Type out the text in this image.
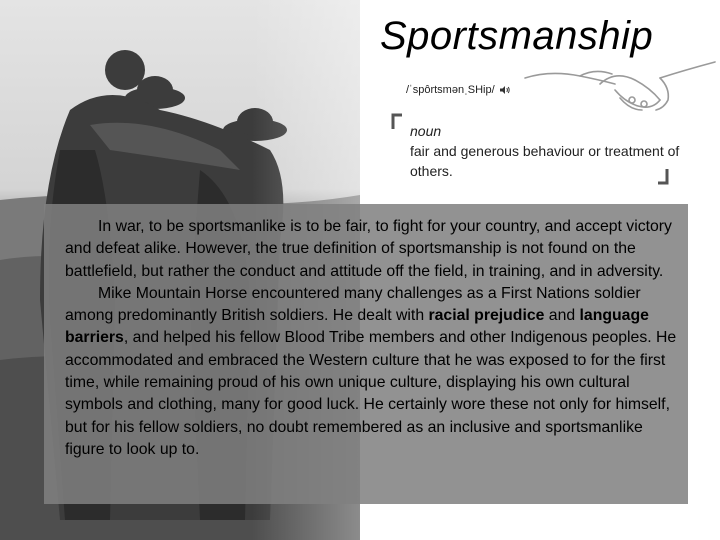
Sportsmanship
/ˈspôrtsmənˌSHip/
noun
fair and generous behaviour or treatment of others.

In war, to be sportsmanlike is to be fair, to fight for your country, and accept victory and defeat alike. However, the true definition of sportsmanship is not found on the battlefield, but rather the conduct and attitude off the field, in training, and in adversity.

Mike Mountain Horse encountered many challenges as a First Nations soldier among predominantly British soldiers. He dealt with racial prejudice and language barriers, and helped his fellow Blood Tribe members and other Indigenous peoples. He accommodated and embraced the Western culture that he was exposed to for the first time, while remaining proud of his own unique culture, displaying his own cultural symbols and clothing, many for good luck. He certainly wore these not only for himself, but for his fellow soldiers, no doubt remembered as an inclusive and sportsmanlike figure to look up to.
